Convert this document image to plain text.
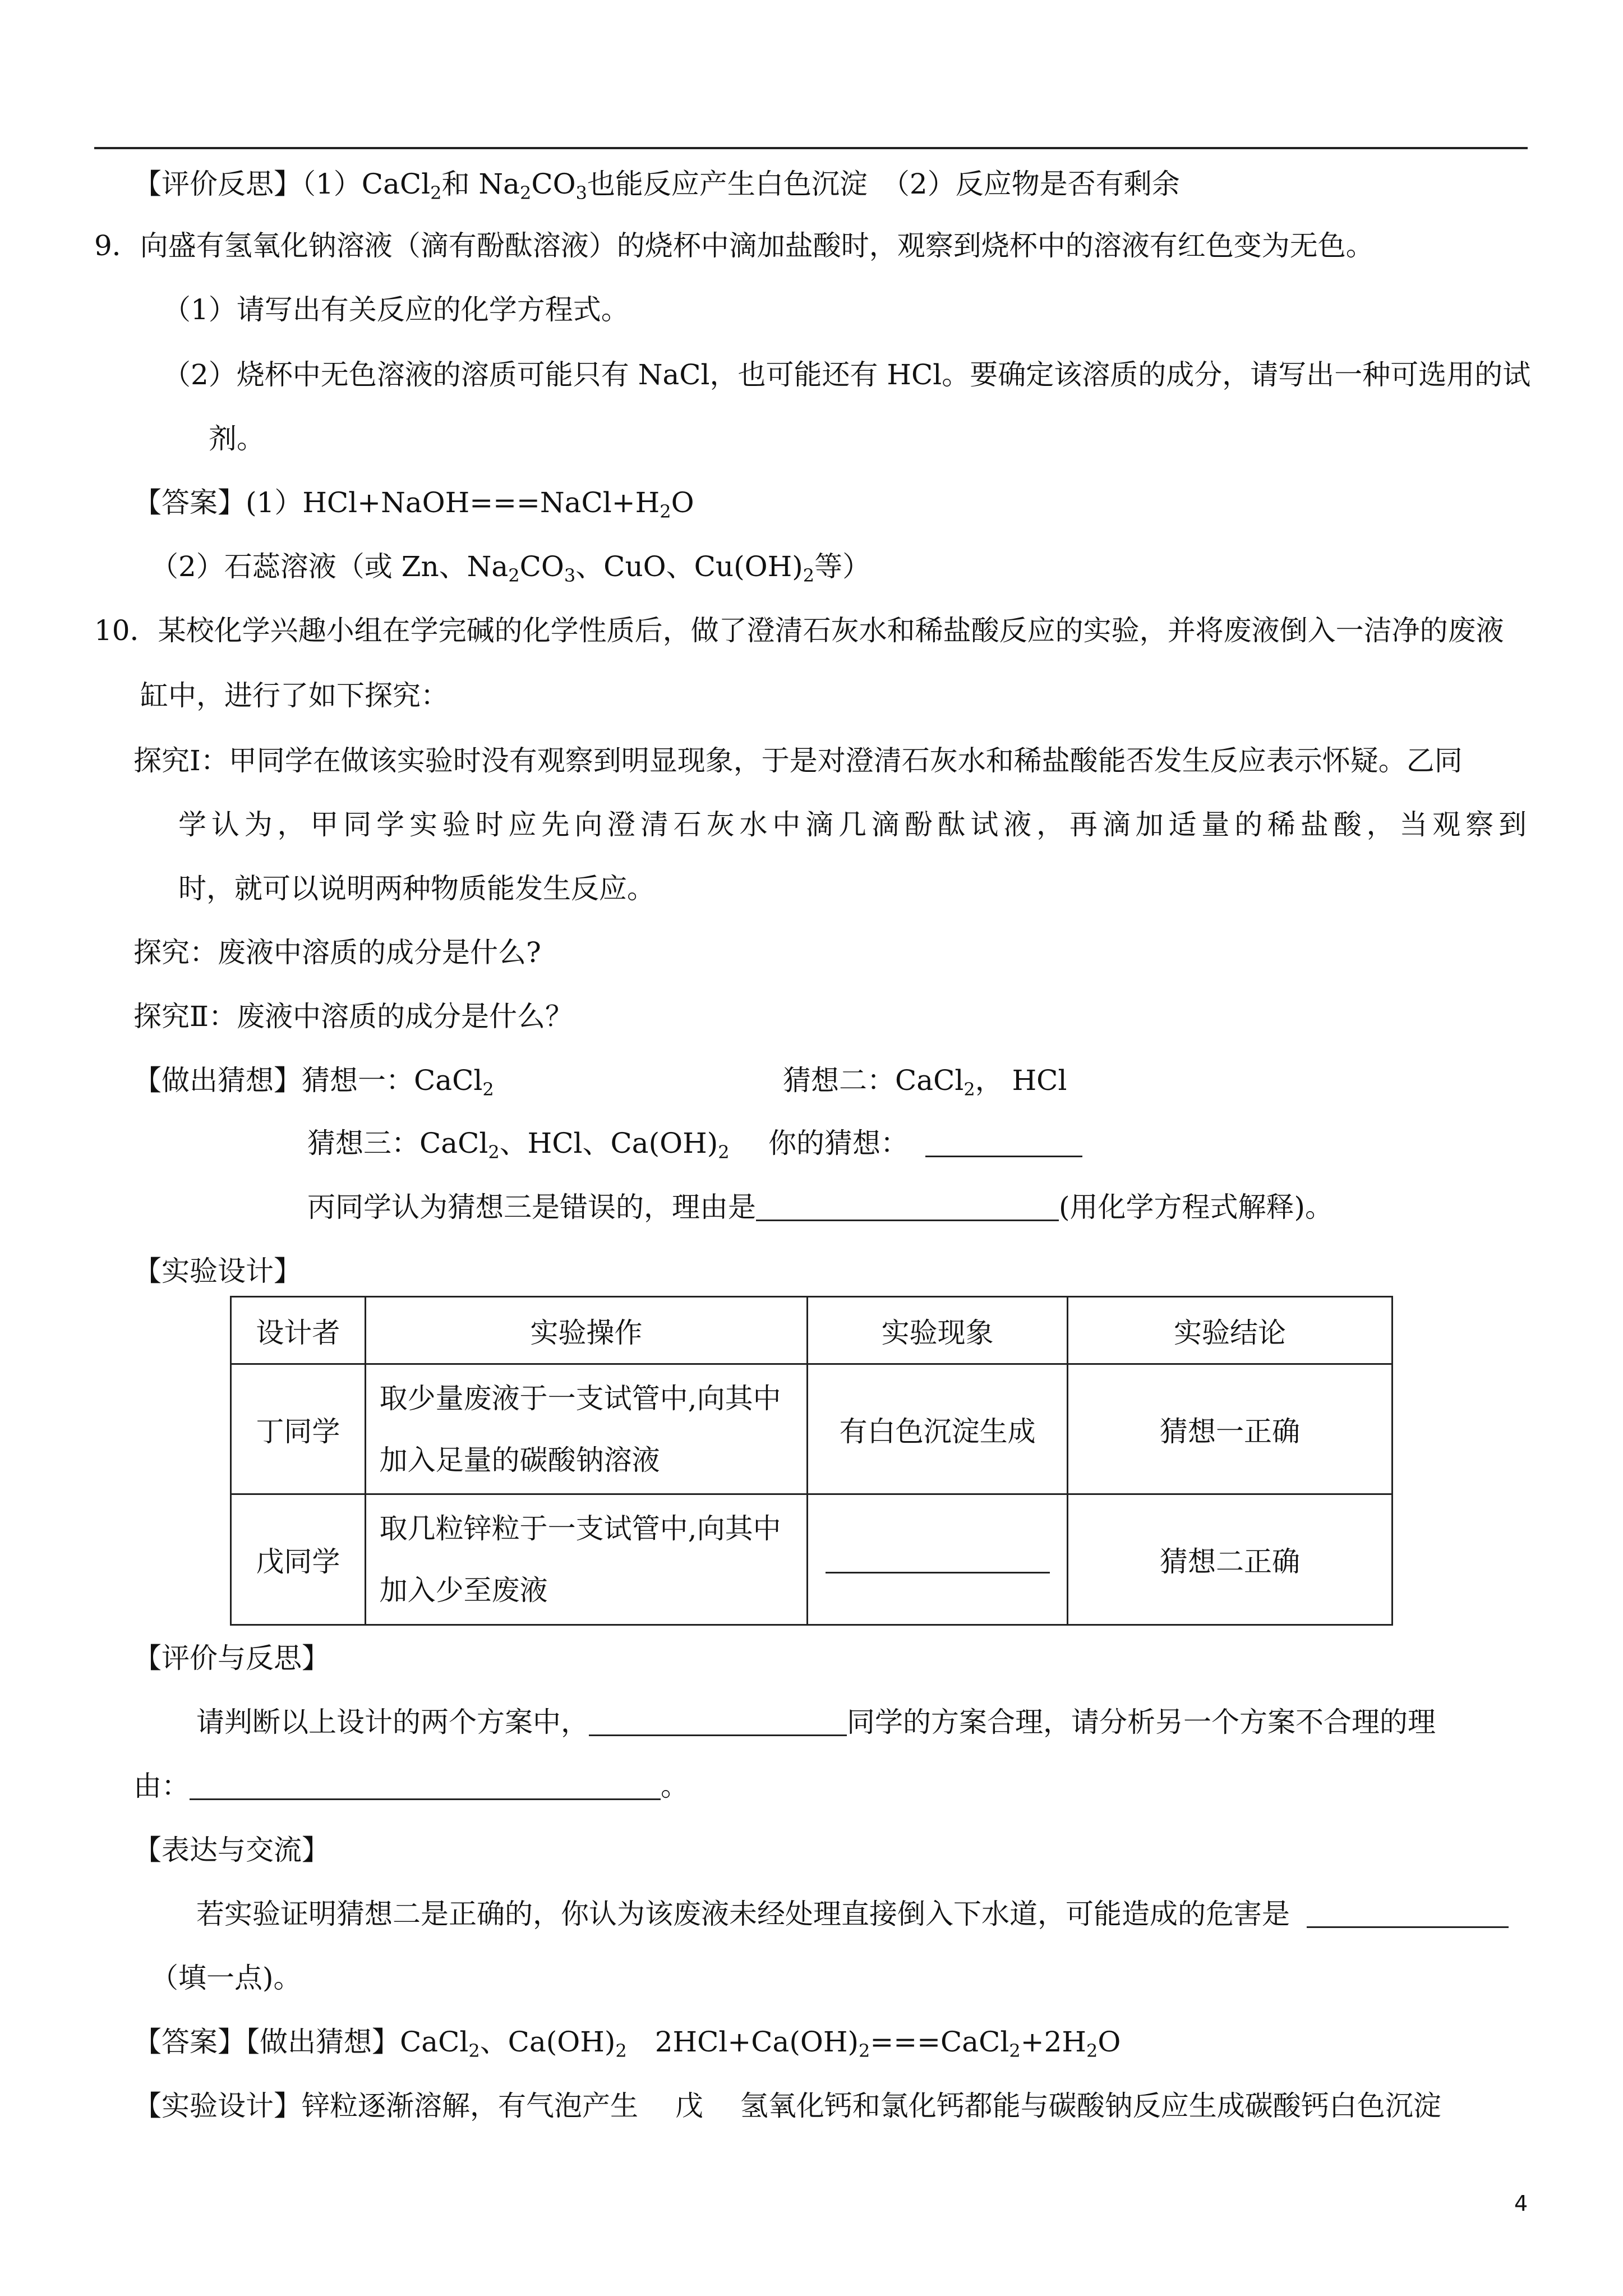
【评价反思】（1）CaCl$_2$和 $Na_2CO_3$也能反应产生白色沉淀　（2）反应物是否有剩余
9．向盛有氢氧化钠溶液（滴有酚酞溶液）的烧杯中滴加盐酸时，观察到烧杯中的溶液有红色变为无色。
（1）请写出有关反应的化学方程式。
（2）烧杯中无色溶液的溶质可能只有 NaCl，也可能还有 HCl。要确定该溶质的成分，请写出一种可选用的试
剂。
【答案】$(1)HCl+NaOH===NaCl+H_2O$
（2）石蕊溶液（或 Zn、$Na_2CO_3$、CuO、$Cu(OH)_2$等）
10．某校化学兴趣小组在学完碱的化学性质后，做了澄清石灰水和稀盐酸反应的实验，并将废液倒入一洁净的废液
缸中，进行了如下探究：
探究Ⅰ：甲同学在做该实验时没有观察到明显现象，于是对澄清石灰水和稀盐酸能否发生反应表示怀疑。乙同
学认为，甲同学实验时应先向澄清石灰水中滴几滴酚酞试液，再滴加适量的稀盐酸，当观察到
时，就可以说明两种物质能发生反应。
探究：废液中溶质的成分是什么?
探究Ⅱ：废液中溶质的成分是什么？
【做出猜想】猜想一：CaCl$_2$	猜想二：CaCl$_2$， HCl
猜想三：CaCl$_2$、HCl、$Ca(OH)_2$ 你的猜想：
丙同学认为猜想三是错误的，理由是	(用化学方程式解释)。
【实验设计】
设计者	实验操作	实验现象	实验结论
丁同学	取少量废液于一支试管中,向其中
加入足量的碳酸钠溶液	有白色沉淀生成	猜想一正确
戊同学	取几粒锌粒于一支试管中,向其中
加入少至废液		猜想二正确
【评价与反思】
请判断以上设计的两个方案中，	同学的方案合理，请分析另一个方案不合理的理
由：	。
【表达与交流】
若实验证明猜想二是正确的，你认为该废液未经处理直接倒入下水道，可能造成的危害是
（填一点)。
【答案】【做出猜想】CaCl$_2$、$Ca(OH)_2$　$2HCl+Ca(OH)_2===CaCl_2+2H_2O$
【实验设计】锌粒逐渐溶解，有气泡产生　 戊　 氢氧化钙和氯化钙都能与碳酸钠反应生成碳酸钙白色沉淀
4
